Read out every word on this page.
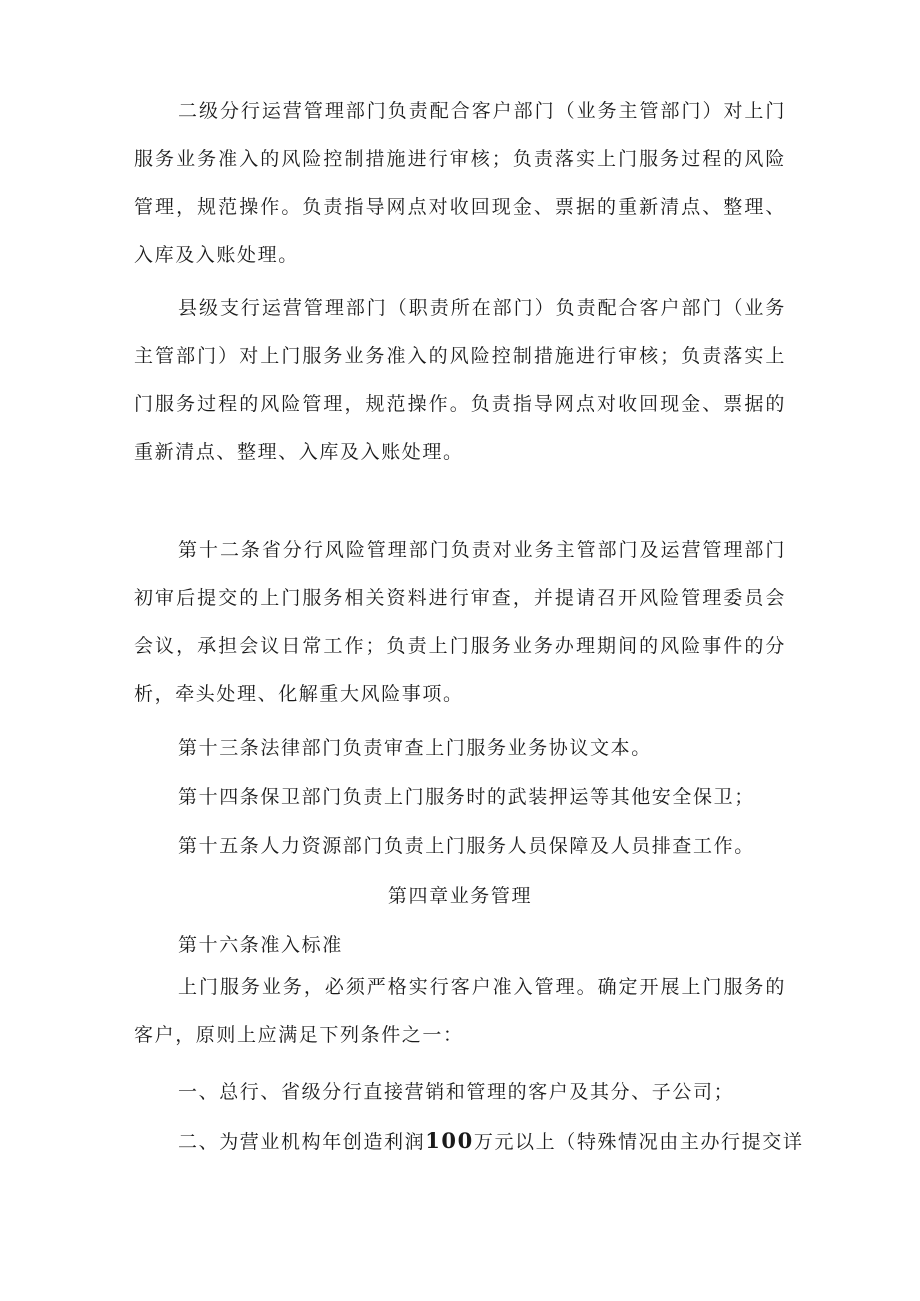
二级分行运营管理部门负责配合客户部门（业务主管部门）对上门服务业务准入的风险控制措施进行审核；负责落实上门服务过程的风险管理，规范操作。负责指导网点对收回现金、票据的重新清点、整理、入库及入账处理。

县级支行运营管理部门（职责所在部门）负责配合客户部门（业务主管部门）对上门服务业务准入的风险控制措施进行审核；负责落实上门服务过程的风险管理，规范操作。负责指导网点对收回现金、票据的重新清点、整理、入库及入账处理。

第十二条省分行风险管理部门负责对业务主管部门及运营管理部门初审后提交的上门服务相关资料进行审查，并提请召开风险管理委员会会议，承担会议日常工作；负责上门服务业务办理期间的风险事件的分析，牵头处理、化解重大风险事项。

第十三条法律部门负责审查上门服务业务协议文本。

第十四条保卫部门负责上门服务时的武装押运等其他安全保卫；

第十五条人力资源部门负责上门服务人员保障及人员排查工作。

第四章业务管理

第十六条准入标准

上门服务业务，必须严格实行客户准入管理。确定开展上门服务的客户，原则上应满足下列条件之一：

一、总行、省级分行直接营销和管理的客户及其分、子公司；

二、为营业机构年创造利润100万元以上（特殊情况由主办行提交详
